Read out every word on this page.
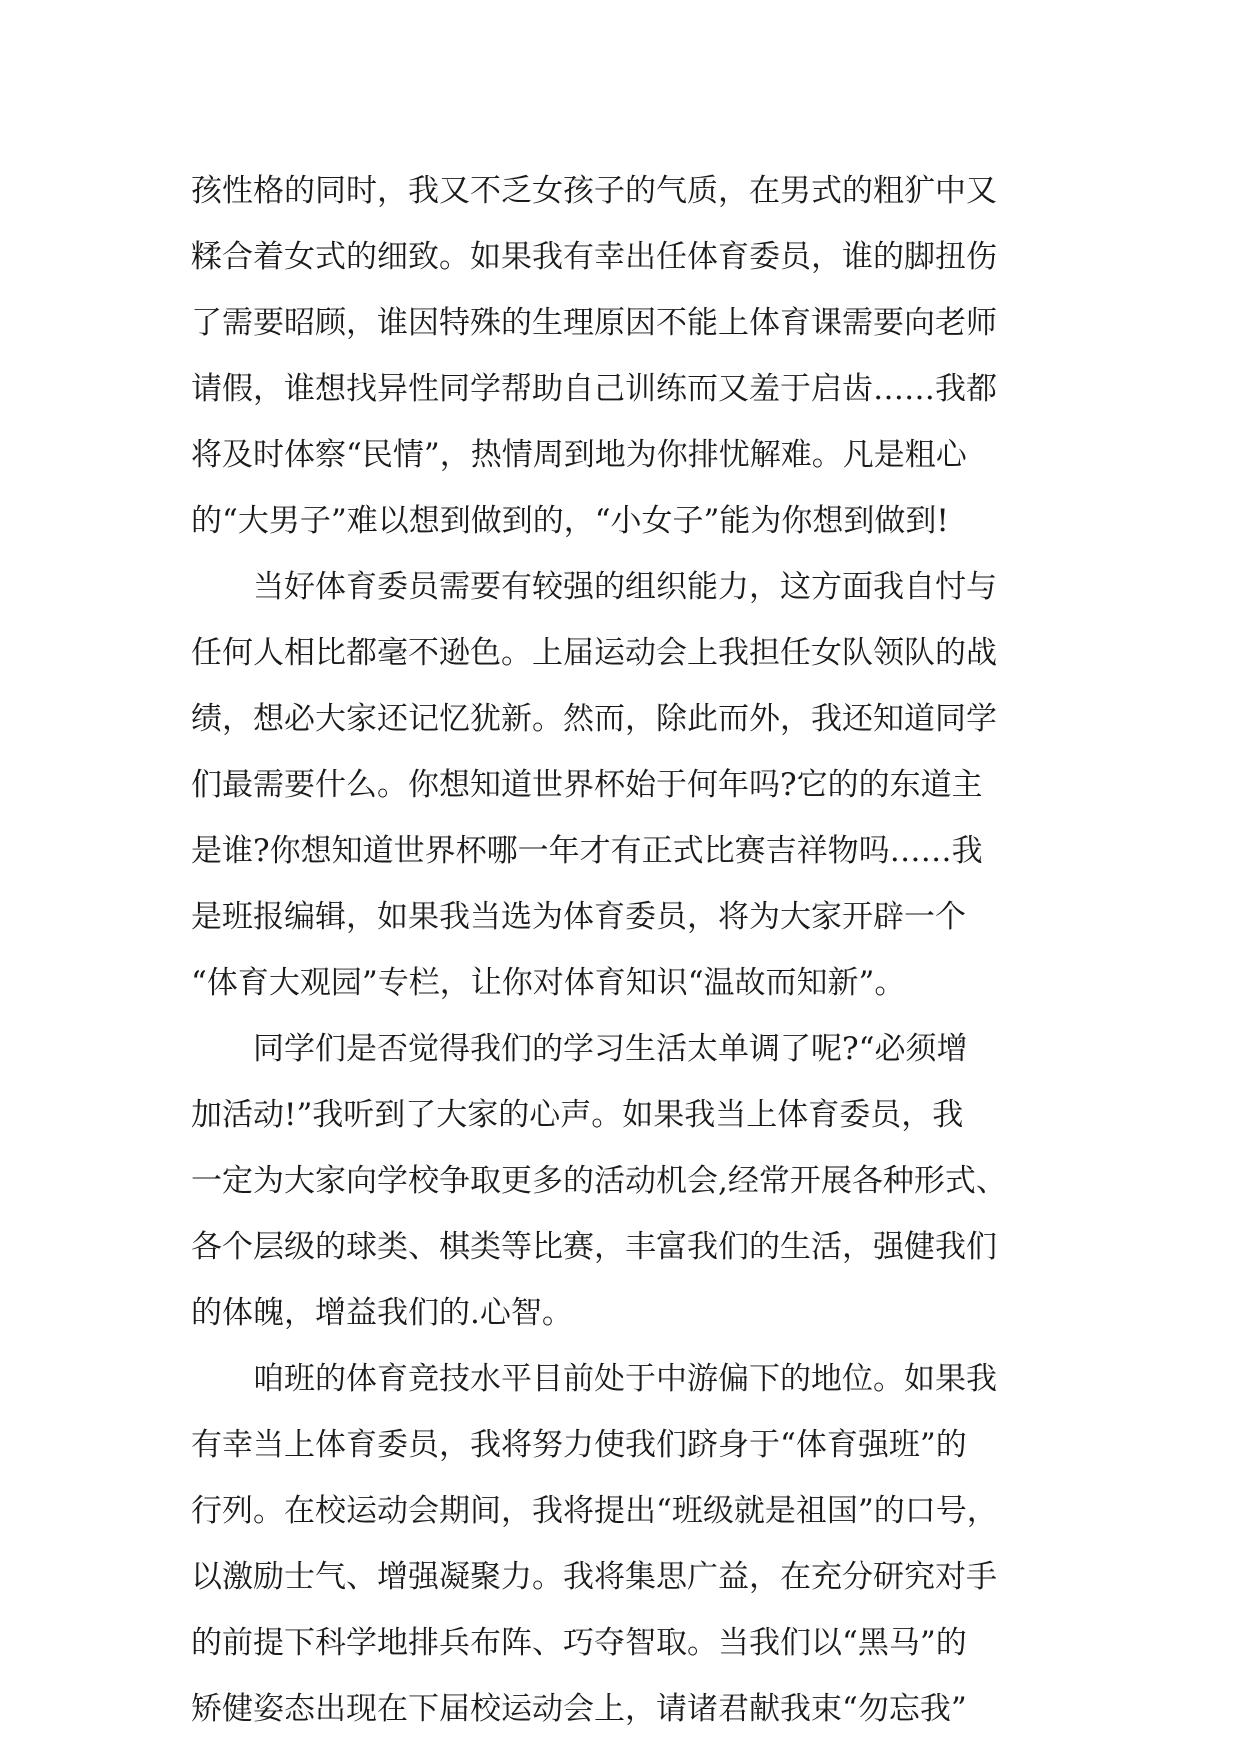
孩性格的同时，我又不乏女孩子的气质，在男式的粗犷中又
糅合着女式的细致。如果我有幸出任体育委员，谁的脚扭伤
了需要昭顾，谁因特殊的生理原因不能上体育课需要向老师
请假，谁想找异性同学帮助自己训练而又羞于启齿……我都
将及时体察“民情”，热情周到地为你排忧解难。凡是粗心
的“大男子”难以想到做到的，“小女子”能为你想到做到!
当好体育委员需要有较强的组织能力，这方面我自忖与
任何人相比都毫不逊色。上届运动会上我担任女队领队的战
绩，想必大家还记忆犹新。然而，除此而外，我还知道同学
们最需要什么。你想知道世界杯始于何年吗?它的的东道主
是谁?你想知道世界杯哪一年才有正式比赛吉祥物吗……我
是班报编辑，如果我当选为体育委员，将为大家开辟一个
“体育大观园”专栏，让你对体育知识“温故而知新”。
同学们是否觉得我们的学习生活太单调了呢?“必须增
加活动!”我听到了大家的心声。如果我当上体育委员，我
一定为大家向学校争取更多的活动机会,经常开展各种形式、
各个层级的球类、棋类等比赛，丰富我们的生活，强健我们
的体魄，增益我们的.心智。
咱班的体育竞技水平目前处于中游偏下的地位。如果我
有幸当上体育委员，我将努力使我们跻身于“体育强班”的
行列。在校运动会期间，我将提出“班级就是祖国”的口号，
以激励士气、增强凝聚力。我将集思广益，在充分研究对手
的前提下科学地排兵布阵、巧夺智取。当我们以“黑马”的
矫健姿态出现在下届校运动会上，请诸君献我束“勿忘我”
